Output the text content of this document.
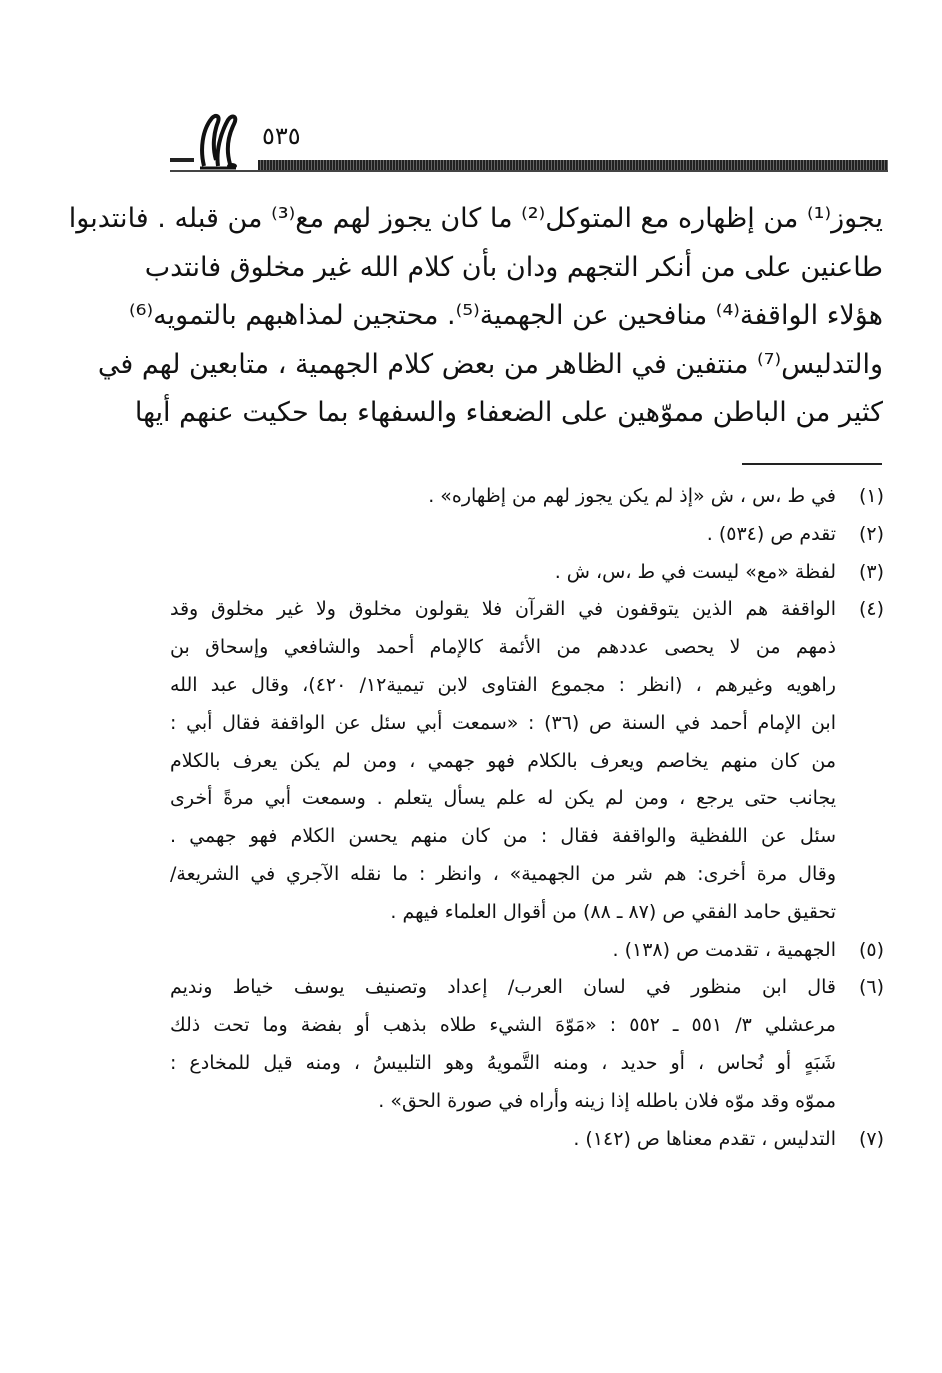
٥٣٥
يجوز⁽¹⁾ من إظهاره مع المتوكل⁽²⁾ ما كان يجوز لهم مع⁽³⁾ من قبله . فانتدبوا
طاعنين على من أنكر التجهم ودان بأن كلام الله غير مخلوق فانتدب
هؤلاء الواقفة⁽⁴⁾ منافحين عن الجهمية⁽⁵⁾. محتجين لمذاهبهم بالتمويه⁽⁶⁾
والتدليس⁽⁷⁾ منتفين في الظاهر من بعض كلام الجهمية ، متابعين لهم في
كثير من الباطن مموّهين على الضعفاء والسفهاء بما حكيت عنهم أيها
(١)
في ط ،س ، ش «إذ لم يكن يجوز لهم من إظهاره» .
(٢)
تقدم ص (٥٣٤) .
(٣)
لفظة «مع» ليست في ط ،س، ش .
(٤)
الواقفة هم الذين يتوقفون في القرآن فلا يقولون مخلوق ولا غير مخلوق وقد
ذمهم من لا يحصى عددهم من الأئمة كالإمام أحمد والشافعي وإسحاق بن
راهويه وغيرهم ، (انظر : مجموع الفتاوى لابن تيمية١٢/ ٤٢٠)، وقال عبد الله
ابن الإمام أحمد في السنة ص (٣٦) : «سمعت أبي سئل عن الواقفة فقال أبي :
من كان منهم يخاصم ويعرف بالكلام فهو جهمي ، ومن لم يكن يعرف بالكلام
يجانب حتى يرجع ، ومن لم يكن له علم يسأل يتعلم . وسمعت أبي مرةً أخرى
سئل عن اللفظية والواقفة فقال : من كان منهم يحسن الكلام فهو جهمي .
وقال مرة أخرى: هم شر من الجهمية» ، وانظر : ما نقله الآجري في الشريعة/
تحقيق حامد الفقي ص (٨٧ ـ ٨٨) من أقوال العلماء فيهم .
(٥)
الجهمية ، تقدمت ص (١٣٨) .
(٦)
قال ابن منظور في لسان العرب/ إعداد وتصنيف يوسف خياط ونديم
مرعشلي ٣/ ٥٥١ ـ ٥٥٢ : «مَوّهَ الشيء طلاه بذهب أو بفضة وما تحت ذلك
شَبَهٍ أو نُحاس ، أو حديد ، ومنه التَّمويهُ وهو التلبيسُ ، ومنه قيل للمخادع :
مموّه وقد موّه فلان باطله إذا زينه وأراه في صورة الحق» .
(٧)
التدليس ، تقدم معناها ص (١٤٢) .
